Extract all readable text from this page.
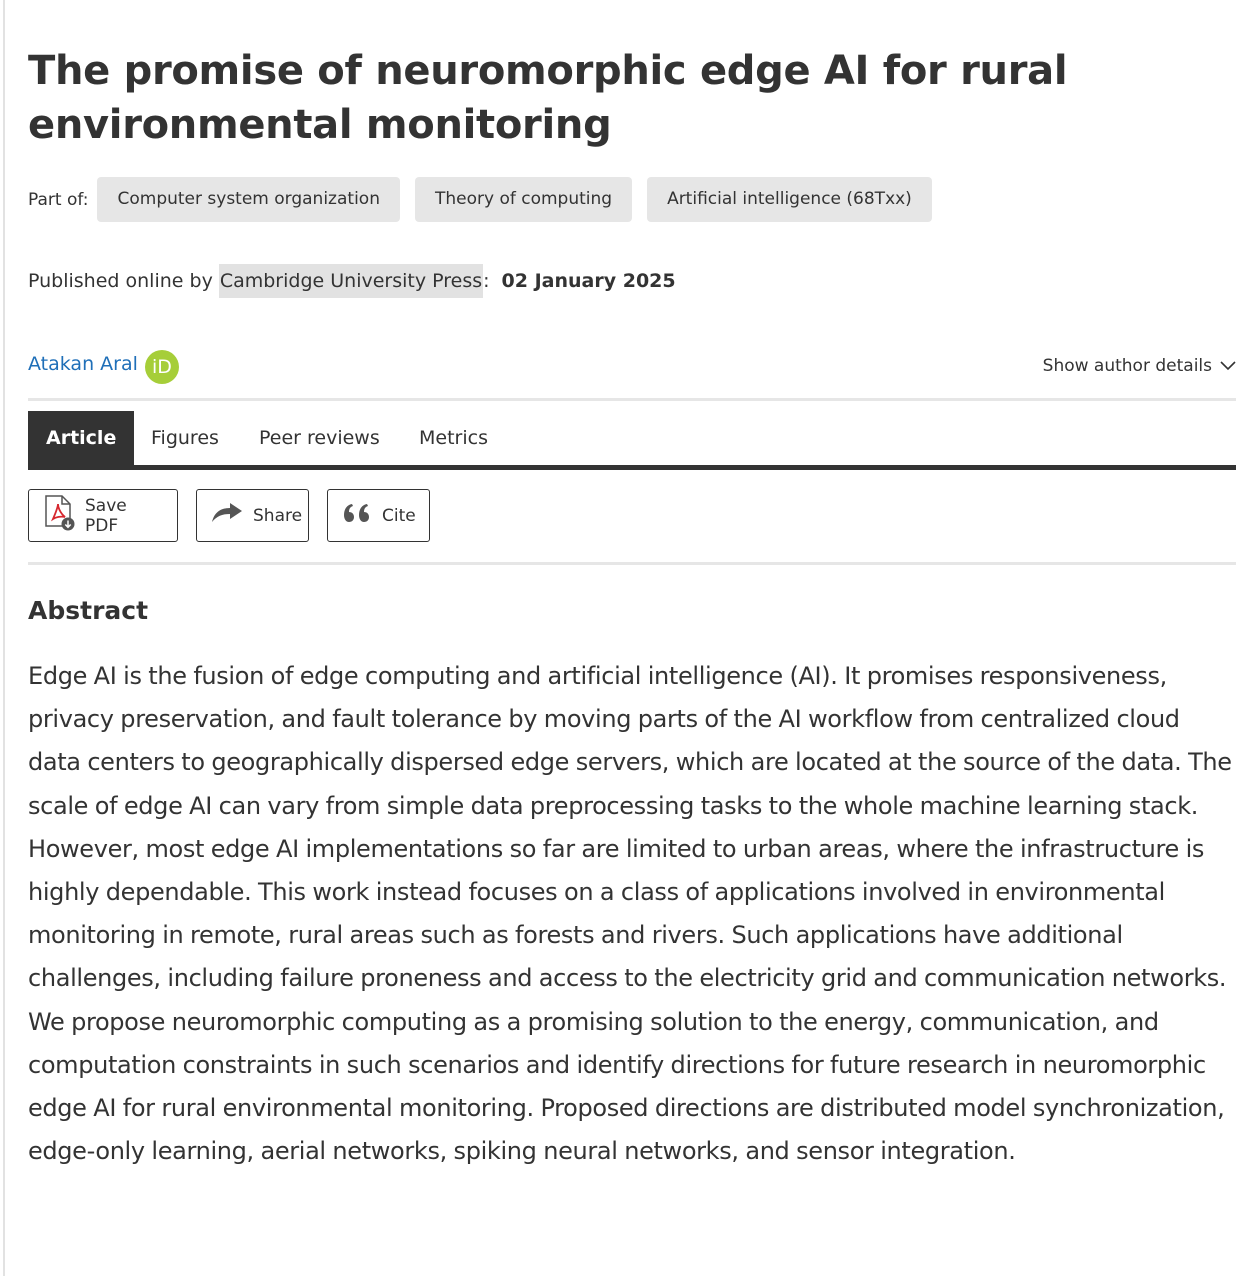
The promise of neuromorphic edge AI for rural environmental monitoring
Part of:	Computer system organization	Theory of computing	Artificial intelligence (68Txx)
Published online by Cambridge University Press : 02 January 2025
Atakan Aral iD	Show author details
Article	Figures Peer reviews Metrics
Save PDF	Share	Cite
Abstract

Edge AI is the fusion of edge computing and artificial intelligence (AI). It promises responsiveness, privacy preservation, and fault tolerance by moving parts of the AI workflow from centralized cloud data centers to geographically dispersed edge servers, which are located at the source of the data. The scale of edge AI can vary from simple data preprocessing tasks to the whole machine learning stack. However, most edge AI implementations so far are limited to urban areas, where the infrastructure is highly dependable. This work instead focuses on a class of applications involved in environmental monitoring in remote, rural areas such as forests and rivers. Such applications have additional challenges, including failure proneness and access to the electricity grid and communication networks. We propose neuromorphic computing as a promising solution to the energy, communication, and computation constraints in such scenarios and identify directions for future research in neuromorphic edge AI for rural environmental monitoring. Proposed directions are distributed model synchronization, edge-only learning, aerial networks, spiking neural networks, and sensor integration.
